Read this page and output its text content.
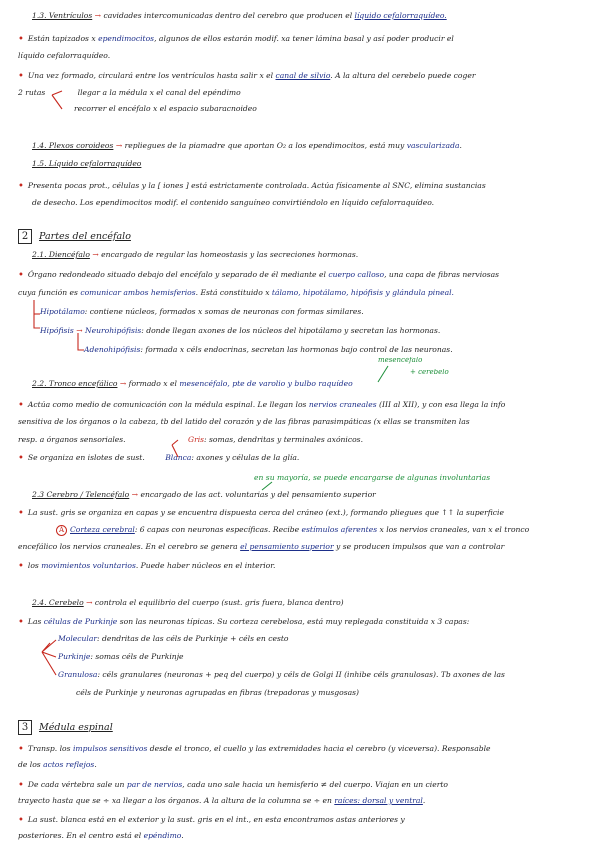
1.3. Ventrículos → cavidades intercomunicadas dentro del cerebro que producen el líquido cefalorraquídeo.
• Están tapizados x ependimocitos, algunos de ellos estarán modif. xa tener lámina basal y así poder producir el
líquido cefalorraquídeo.
• Una vez formado, circulará entre los ventrículos hasta salir x el canal de silvio. A la altura del cerebelo puede coger
2 rutas	llegar a la médula x el canal del epéndimo
recorrer el encéfalo x el espacio subaracnoideo
1.4. Plexos coroideos → repliegues de la piamadre que aportan O₂ a los ependimocitos, está muy vascularizada.
1.5. Líquido cefalorraquídeo
• Presenta pocas prot., células y la [ iones ] está estrictamente controlada. Actúa físicamente al SNC, elimina sustancias
de desecho. Los ependimocitos modif. el contenido sanguíneo convirtiéndolo en líquido cefalorraquídeo.
2 Partes del encéfalo
2.1. Diencéfalo → encargado de regular las homeostasis y las secreciones hormonas.
• Órgano redondeado situado debajo del encéfalo y separado de él mediante el cuerpo calloso, una capa de fibras nerviosas
cuya función es comunicar ambos hemisferios. Está constituido x tálamo, hipotálamo, hipófisis y glándula pineal.
Hipotálamo: contiene núcleos, formados x somas de neuronas con formas similares.
Hipófisis → Neurohipófisis: donde llegan axones de los núcleos del hipotálamo y secretan las hormonas.
Adenohipófisis: formada x céls endocrinas, secretan las hormonas bajo control de las neuronas.
mesencéfalo
+ cerebelo
2.2. Tronco encefálico → formado x el mesencéfalo, pte de varolio y bulbo raquídeo
• Actúa como medio de comunicación con la médula espinal. Le llegan los nervios craneales (III al XII), y con esa llega la info
sensitiva de los órganos o la cabeza, tb del latido del corazón y de las fibras parasimpáticas (x ellas se transmiten las
resp. a órganos sensoriales.	Gris: somas, dendritas y terminales axónicos.
• Se organiza en islotes de sust.	Blanca: axones y células de la glía.
en su mayoría, se puede encargarse de algunas involuntarias
2.3 Cerebro / Telencéfalo → encargado de las act. voluntarias y del pensamiento superior
• La sust. gris se organiza en capas y se encuentra dispuesta cerca del cráneo (ext.), formando pliegues que ↑↑ la superficie
A Corteza cerebral: 6 capas con neuronas específicas. Recibe estímulos aferentes x los nervios craneales, van x el tronco
encefálico los nervios craneales. En el cerebro se genera el pensamiento superior y se producen impulsos que van a controlar
• los movimientos voluntarios. Puede haber núcleos en el interior.
2.4. Cerebelo → controla el equilibrio del cuerpo (sust. gris fuera, blanca dentro)
• Las células de Purkinje son las neuronas típicas. Su corteza cerebelosa, está muy replegada constituida x 3 capas:
Molecular: dendritas de las céls de Purkinje + céls en cesto
Purkinje: somas céls de Purkinje
Granulosa: céls granulares (neuronas + peq del cuerpo) y céls de Golgi II (inhibe céls granulosas). Tb axones de las
céls de Purkinje y neuronas agrupadas en fibras (trepadoras y musgosas)
3 Médula espinal
• Transp. los impulsos sensitivos desde el tronco, el cuello y las extremidades hacia el cerebro (y viceversa). Responsable
de los actos reflejos.
• De cada vértebra sale un par de nervios, cada uno sale hacia un hemisferio ≠ del cuerpo. Viajan en un cierto
trayecto hasta que se ÷ xa llegar a los órganos. A la altura de la columna se ÷ en raíces: dorsal y ventral.
• La sust. blanca está en el exterior y la sust. gris en el int., en esta encontramos astas anteriores y
posteriores. En el centro está el epéndimo.
